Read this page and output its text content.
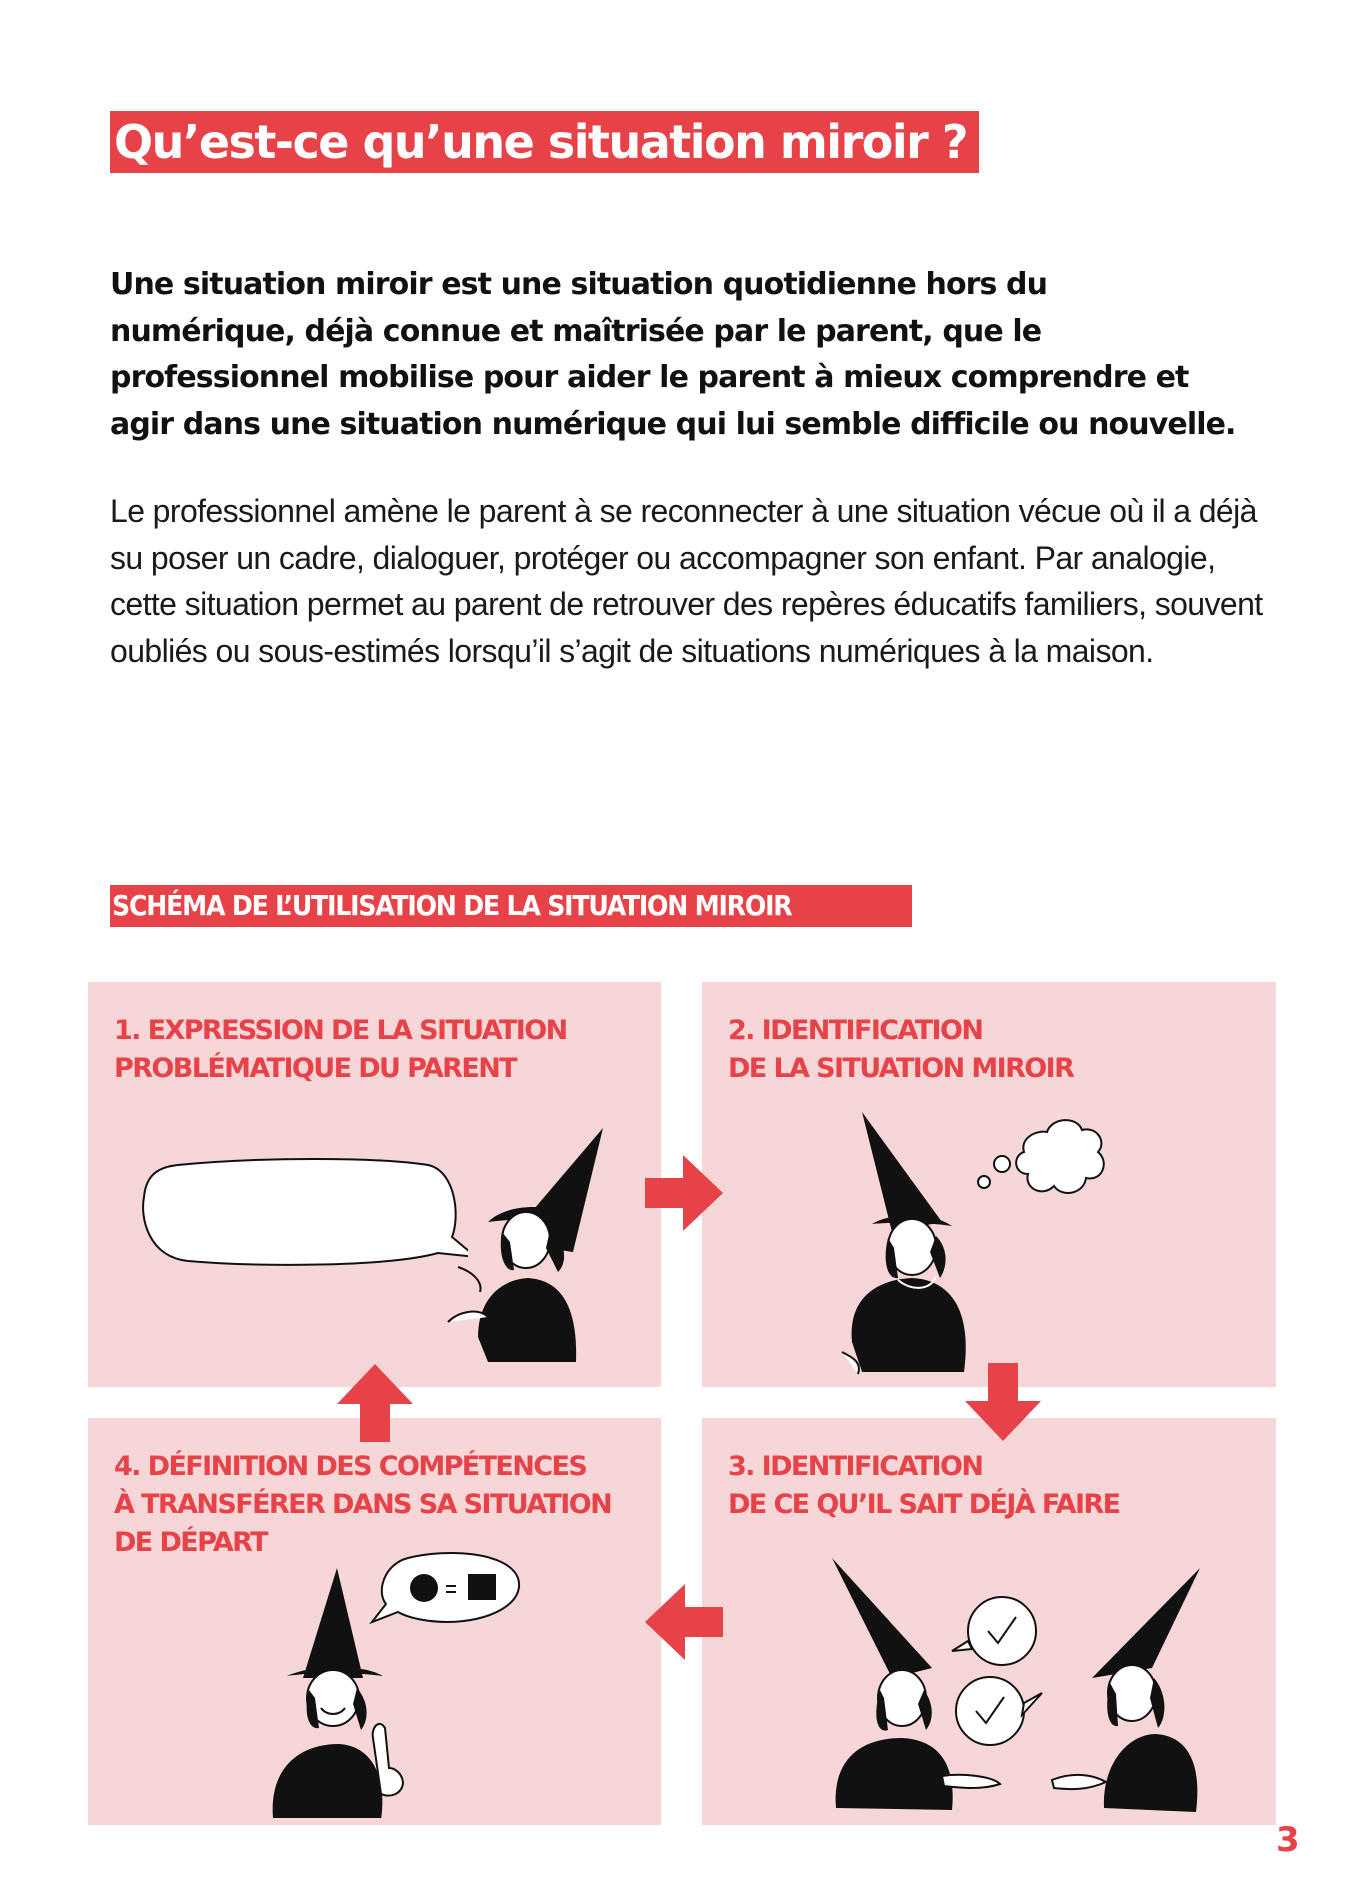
Qu’est-ce qu’une situation miroir ?

Une situation miroir est une situation quotidienne hors du numérique, déjà connue et maîtrisée par le parent, que le professionnel mobilise pour aider le parent à mieux comprendre et agir dans une situation numérique qui lui semble difficile ou nouvelle.

Le professionnel amène le parent à se reconnecter à une situation vécue où il a déjà su poser un cadre, dialoguer, protéger ou accompagner son enfant. Par analogie, cette situation permet au parent de retrouver des repères éducatifs familiers, souvent oubliés ou sous-estimés lorsqu’il s’agit de situations numériques à la maison.

SCHÉMA DE L’UTILISATION DE LA SITUATION MIROIR

1. EXPRESSION DE LA SITUATION
PROBLÉMATIQUE DU PARENT

2. IDENTIFICATION
DE LA SITUATION MIROIR

3. IDENTIFICATION
DE CE QU’IL SAIT DÉJÀ FAIRE

4. DÉFINITION DES COMPÉTENCES
À TRANSFÉRER DANS SA SITUATION
DE DÉPART

3
